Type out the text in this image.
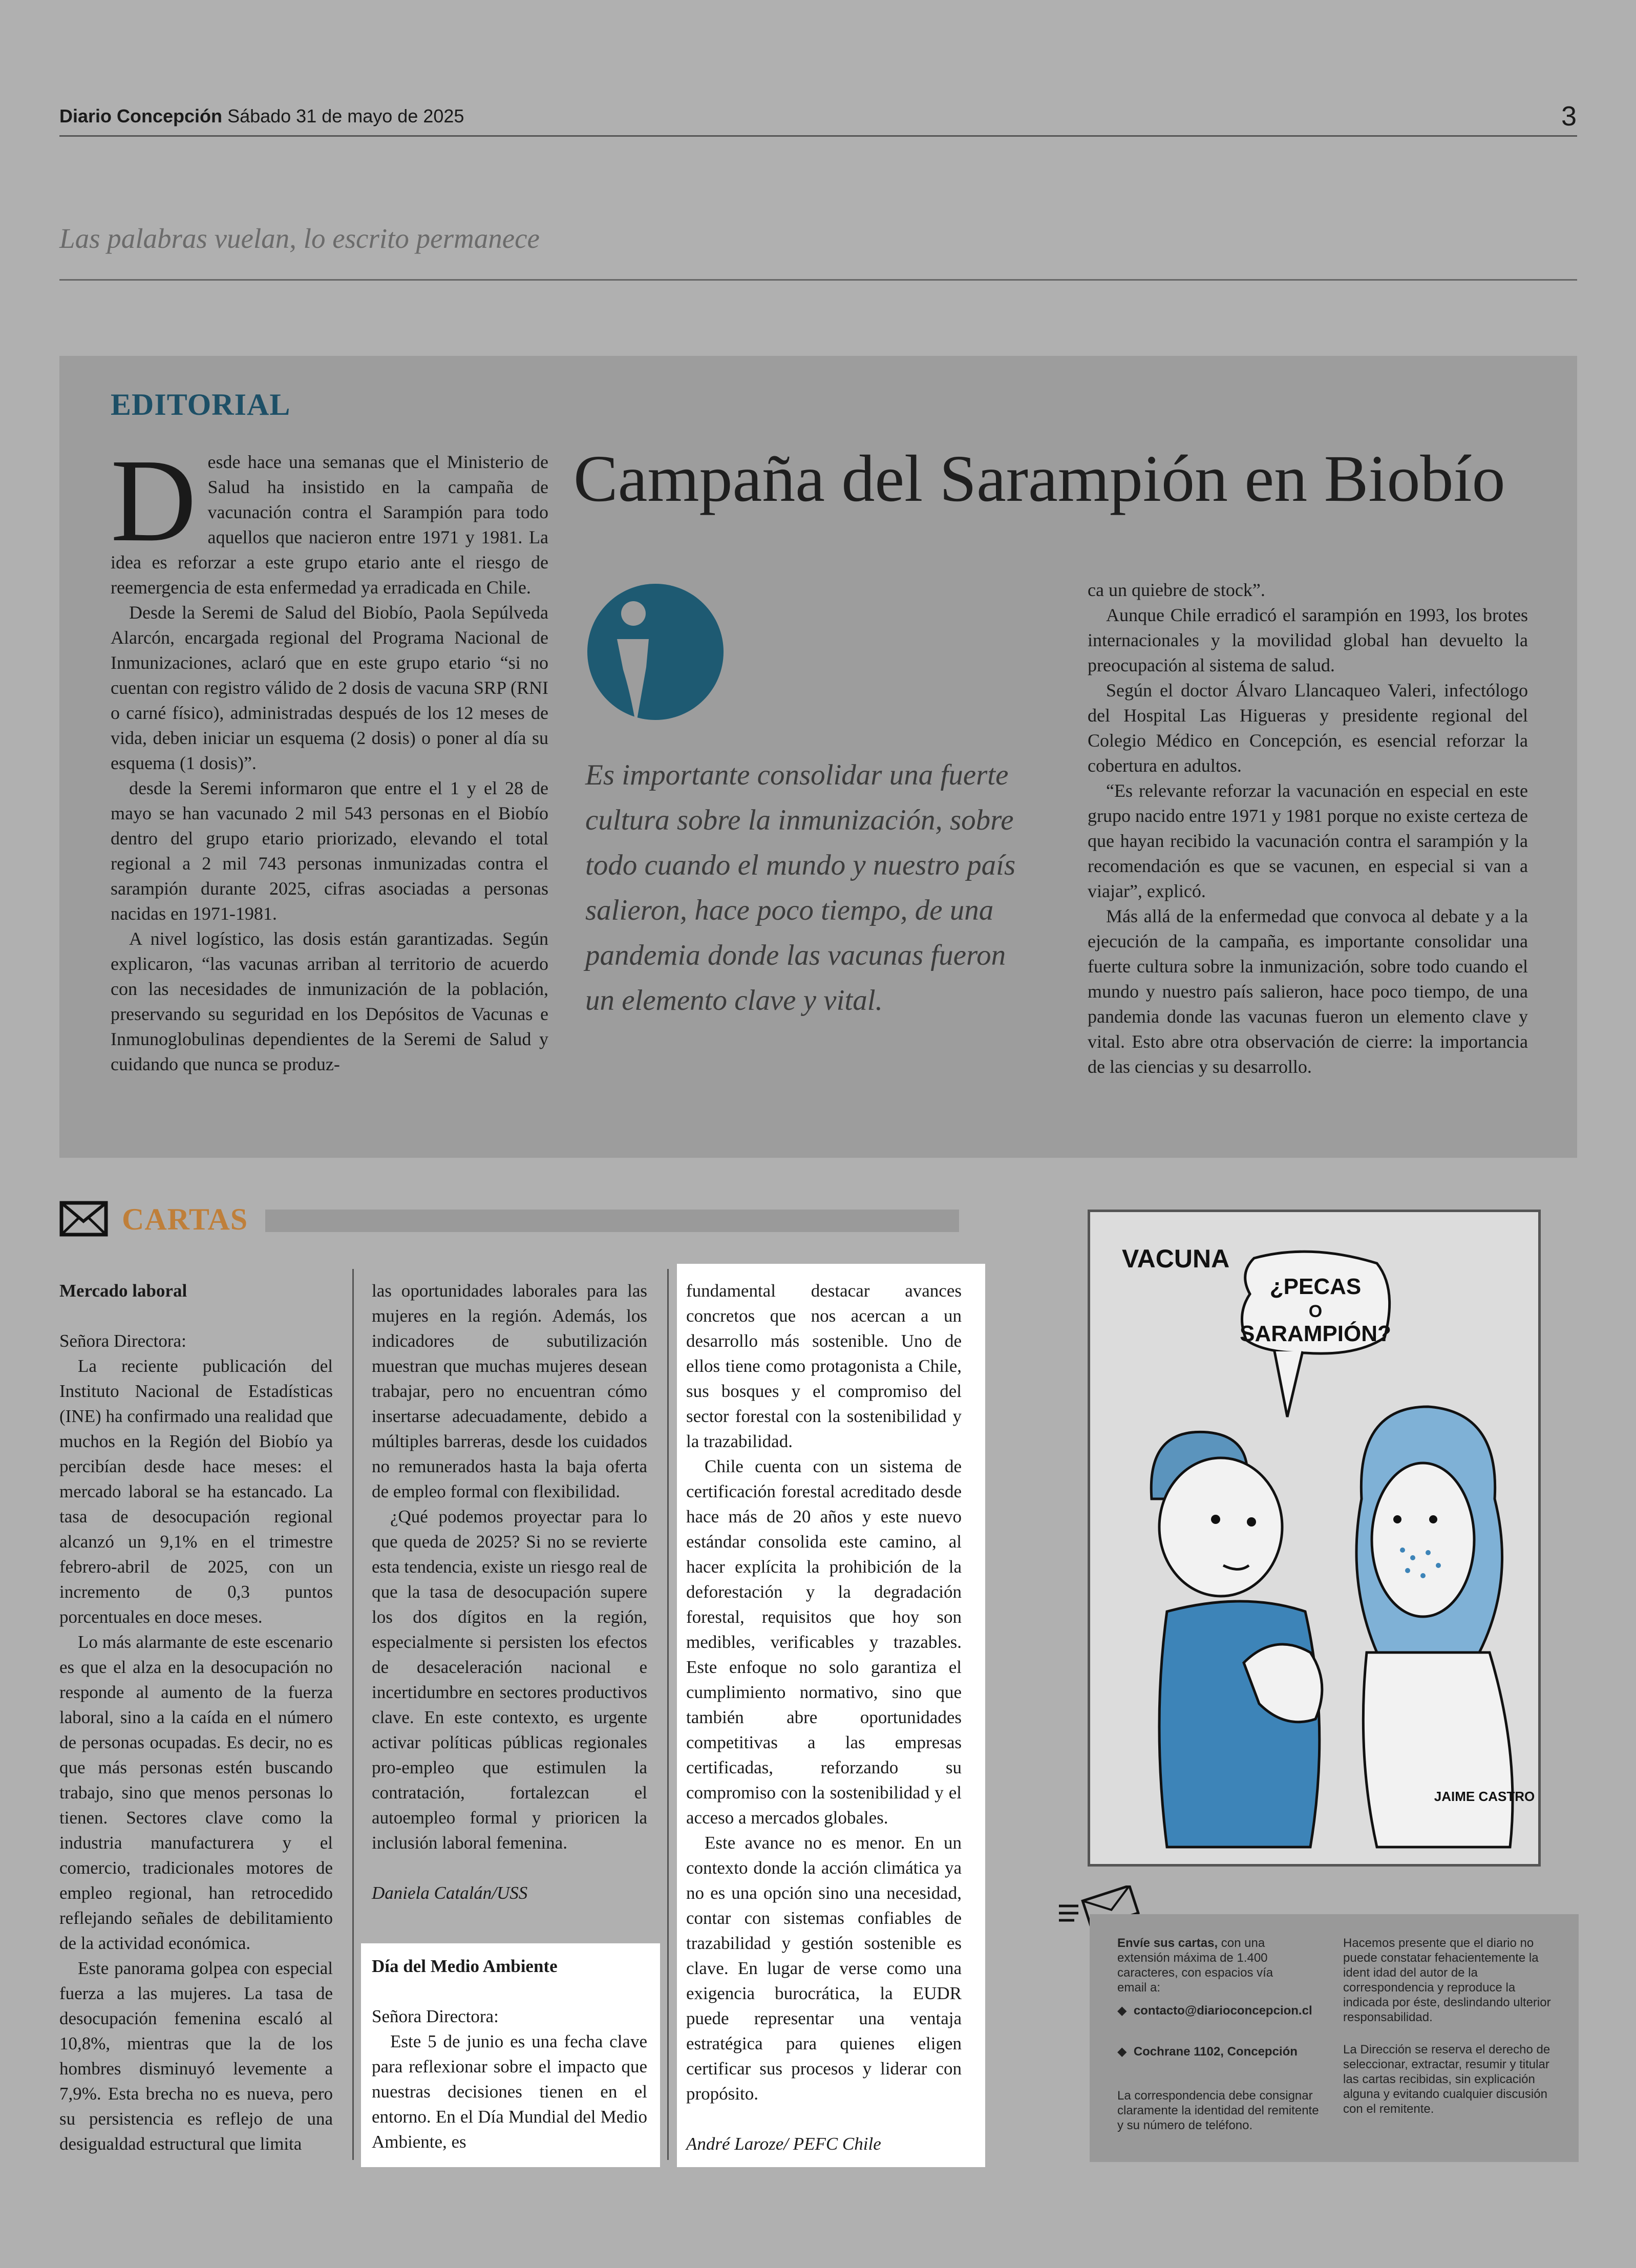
Diario Concepción Sábado 31 de mayo de 2025	3
Las palabras vuelan, lo escrito permanece
EDITORIAL
Campaña del Sarampión en Biobío
D esde hace una semanas que el Ministerio de Salud ha insistido en la campaña de vacunación contra el Sarampión para todo aquellos que nacieron entre 1971 y 1981. La idea es reforzar a este grupo etario ante el riesgo de reemergencia de esta enfermedad ya erradicada en Chile.

Desde la Seremi de Salud del Biobío, Paola Sepúlveda Alarcón, encargada regional del Programa Nacional de Inmunizaciones, aclaró que en este grupo etario “si no cuentan con registro válido de 2 dosis de vacuna SRP (RNI o carné físico), administradas después de los 12 meses de vida, deben iniciar un esquema (2 dosis) o poner al día su esquema (1 dosis)”.

desde la Seremi informaron que entre el 1 y el 28 de mayo se han vacunado 2 mil 543 personas en el Biobío dentro del grupo etario priorizado, elevando el total regional a 2 mil 743 personas inmunizadas contra el sarampión durante 2025, cifras asociadas a personas nacidas en 1971-1981.

A nivel logístico, las dosis están garantizadas. Según explicaron, “las vacunas arriban al territorio de acuerdo con las necesidades de inmunización de la población, preservando su seguridad en los Depósitos de Vacunas e Inmunoglobulinas dependientes de la Seremi de Salud y cuidando que nunca se produz-

Es importante consolidar una fuerte cultura sobre la inmunización, sobre todo cuando el mundo y nuestro país salieron, hace poco tiempo, de una pandemia donde las vacunas fueron un elemento clave y vital.

ca un quiebre de stock”.

Aunque Chile erradicó el sarampión en 1993, los brotes internacionales y la movilidad global han devuelto la preocupación al sistema de salud.

Según el doctor Álvaro Llancaqueo Valeri, infectólogo del Hospital Las Higueras y presidente regional del Colegio Médico en Concepción, es esencial reforzar la cobertura en adultos.

“Es relevante reforzar la vacunación en especial en este grupo nacido entre 1971 y 1981 porque no existe certeza de que hayan recibido la vacunación contra el sarampión y la recomendación es que se vacunen, en especial si van a viajar”, explicó.

Más allá de la enfermedad que convoca al debate y a la ejecución de la campaña, es importante consolidar una fuerte cultura sobre la inmunización, sobre todo cuando el mundo y nuestro país salieron, hace poco tiempo, de una pandemia donde las vacunas fueron un elemento clave y vital. Esto abre otra observación de cierre: la importancia de las ciencias y su desarrollo.

CARTAS

Mercado laboral

Señora Directora:

La reciente publicación del Instituto Nacional de Estadísticas (INE) ha confirmado una realidad que muchos en la Región del Biobío ya percibían desde hace meses: el mercado laboral se ha estancado. La tasa de desocupación regional alcanzó un 9,1% en el trimestre febrero-abril de 2025, con un incremento de 0,3 puntos porcentuales en doce meses.

Lo más alarmante de este escenario es que el alza en la desocupación no responde al aumento de la fuerza laboral, sino a la caída en el número de personas ocupadas. Es decir, no es que más personas estén buscando trabajo, sino que menos personas lo tienen. Sectores clave como la industria manufacturera y el comercio, tradicionales motores de empleo regional, han retrocedido reflejando señales de debilitamiento de la actividad económica.

Este panorama golpea con especial fuerza a las mujeres. La tasa de desocupación femenina escaló al 10,8%, mientras que la de los hombres disminuyó levemente a 7,9%. Esta brecha no es nueva, pero su persistencia es reflejo de una desigualdad estructural que limita

las oportunidades laborales para las mujeres en la región. Además, los indicadores de subutilización muestran que muchas mujeres desean trabajar, pero no encuentran cómo insertarse adecuadamente, debido a múltiples barreras, desde los cuidados no remunerados hasta la baja oferta de empleo formal con flexibilidad.

¿Qué podemos proyectar para lo que queda de 2025? Si no se revierte esta tendencia, existe un riesgo real de que la tasa de desocupación supere los dos dígitos en la región, especialmente si persisten los efectos de desaceleración nacional e incertidumbre en sectores productivos clave. En este contexto, es urgente activar políticas públicas regionales pro-empleo que estimulen la contratación, fortalezcan el autoempleo formal y prioricen la inclusión laboral femenina.

Daniela Catalán/USS

Día del Medio Ambiente

Señora Directora:

Este 5 de junio es una fecha clave para reflexionar sobre el impacto que nuestras decisiones tienen en el entorno. En el Día Mundial del Medio Ambiente, es

fundamental destacar avances concretos que nos acercan a un desarrollo más sostenible. Uno de ellos tiene como protagonista a Chile, sus bosques y el compromiso del sector forestal con la sostenibilidad y la trazabilidad.

Chile cuenta con un sistema de certificación forestal acreditado desde hace más de 20 años y este nuevo estándar consolida este camino, al hacer explícita la prohibición de la deforestación y la degradación forestal, requisitos que hoy son medibles, verificables y trazables. Este enfoque no solo garantiza el cumplimiento normativo, sino que también abre oportunidades competitivas a las empresas certificadas, reforzando su compromiso con la sostenibilidad y el acceso a mercados globales.

Este avance no es menor. En un contexto donde la acción climática ya no es una opción sino una necesidad, contar con sistemas confiables de trazabilidad y gestión sostenible es clave. En lugar de verse como una exigencia burocrática, la EUDR puede representar una ventaja estratégica para quienes eligen certificar sus procesos y liderar con propósito.

André Laroze/ PEFC Chile

VACUNA
¿PECAS
O
SARAMPIÓN?
JAIME CASTRO
Envíe sus cartas, con una extensión máxima de 1.400 caracteres, con espacios vía email a:
◆ contacto@diarioconcepcion.cl
◆ Cochrane 1102, Concepción
La correspondencia debe consignar claramente la identidad del remitente y su número de teléfono.
Hacemos presente que el diario no puede constatar fehacientemente la ident idad del autor de la correspondencia y reproduce la indicada por éste, deslindando ulterior responsabilidad.
La Dirección se reserva el derecho de seleccionar, extractar, resumir y titular las cartas recibidas, sin explicación alguna y evitando cualquier discusión con el remitente.
